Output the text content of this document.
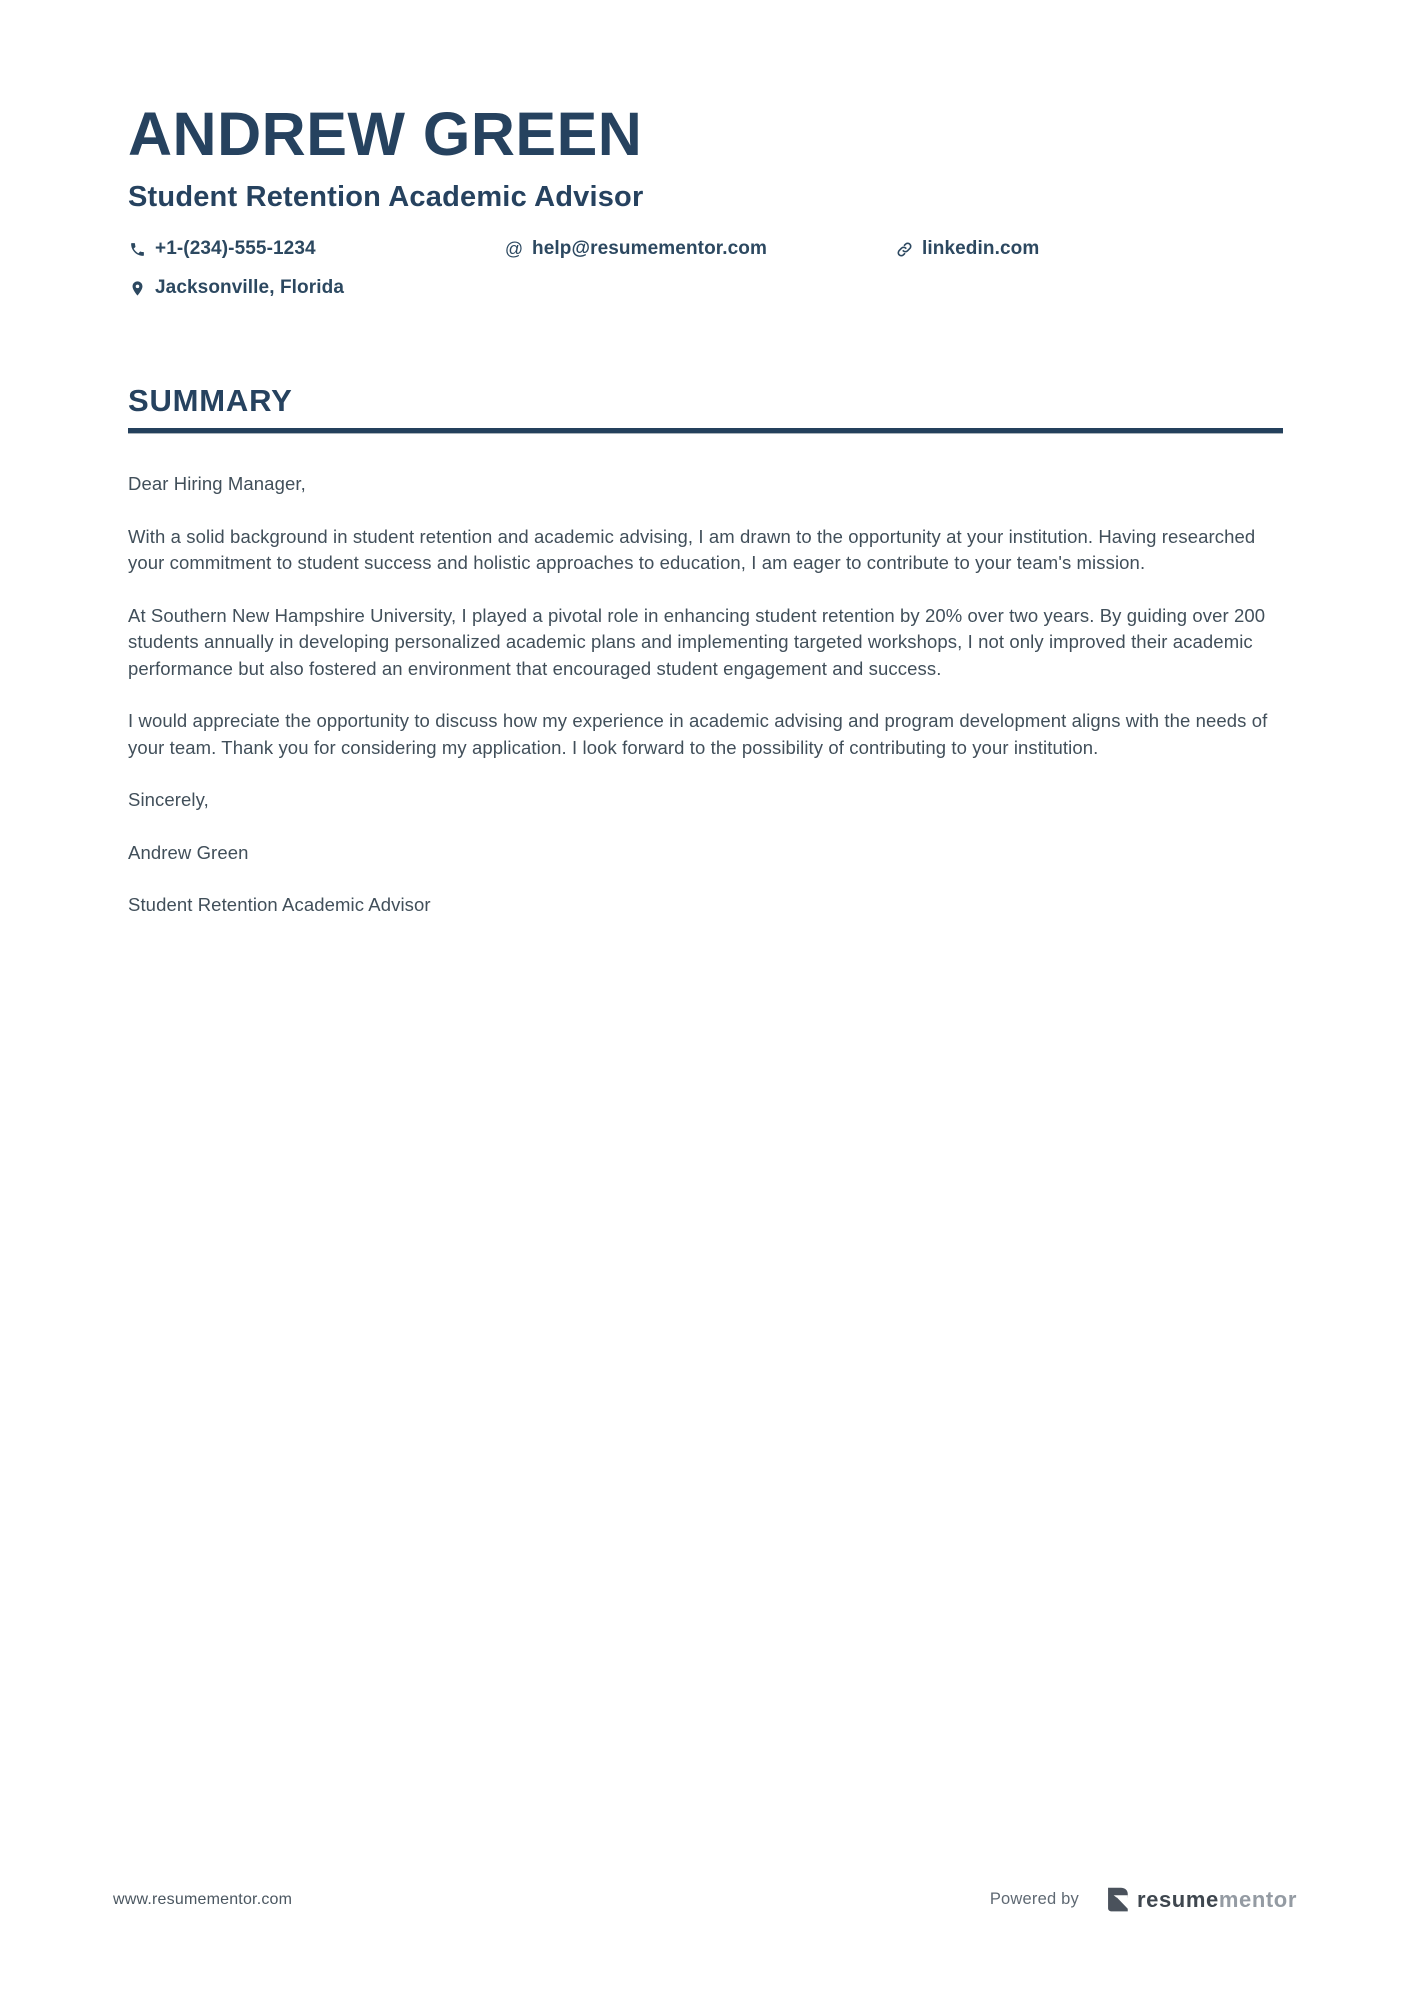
ANDREW GREEN
Student Retention Academic Advisor
+1-(234)-555-1234	@ help@resumementor.com	linkedin.com
Jacksonville, Florida
SUMMARY

Dear Hiring Manager,

With a solid background in student retention and academic advising, I am drawn to the opportunity at your institution. Having researched your commitment to student success and holistic approaches to education, I am eager to contribute to your team's mission.

At Southern New Hampshire University, I played a pivotal role in enhancing student retention by 20% over two years. By guiding over 200 students annually in developing personalized academic plans and implementing targeted workshops, I not only improved their academic performance but also fostered an environment that encouraged student engagement and success.

I would appreciate the opportunity to discuss how my experience in academic advising and program development aligns with the needs of your team. Thank you for considering my application. I look forward to the possibility of contributing to your institution.

Sincerely,

Andrew Green

Student Retention Academic Advisor

www.resumementor.com	Powered by	resumementor
